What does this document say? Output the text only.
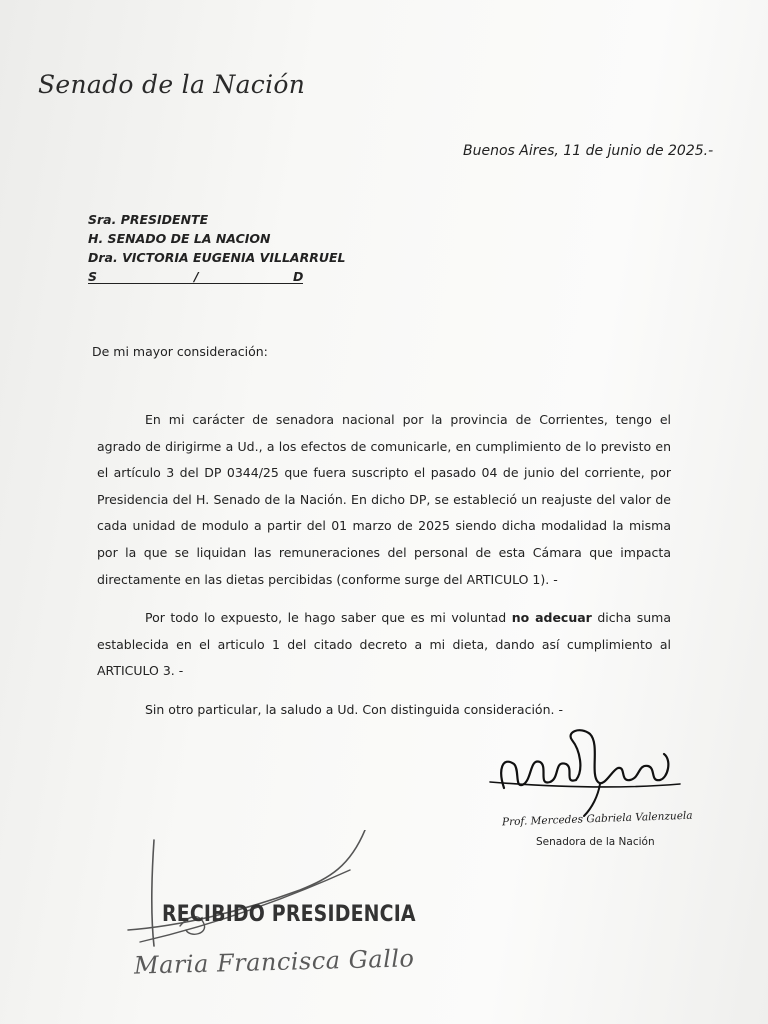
Senado de la Nación
Buenos Aires, 11 de junio de 2025.-
Sra. PRESIDENTE
H. SENADO DE LA NACION
Dra. VICTORIA EUGENIA VILLARRUEL
S	/	D
De mi mayor consideración:

En mi carácter de senadora nacional por la provincia de Corrientes, tengo el agrado de dirigirme a Ud., a los efectos de comunicarle, en cumplimiento de lo previsto en el artículo 3 del DP 0344/25 que fuera suscripto el pasado 04 de junio del corriente, por Presidencia del H. Senado de la Nación. En dicho DP, se estableció un reajuste del valor de cada unidad de modulo a partir del 01 marzo de 2025 siendo dicha modalidad la misma por la que se liquidan las remuneraciones del personal de esta Cámara que impacta directamente en las dietas percibidas (conforme surge del ARTICULO 1). -

Por todo lo expuesto, le hago saber que es mi voluntad no adecuar dicha suma establecida en el articulo 1 del citado decreto a mi dieta, dando así cumplimiento al ARTICULO 3. -

Sin otro particular, la saludo a Ud. Con distinguida consideración. -

Prof. Mercedes Gabriela Valenzuela
Senadora de la Nación
RECIBIDO PRESIDENCIA
Maria Francisca Gallo
